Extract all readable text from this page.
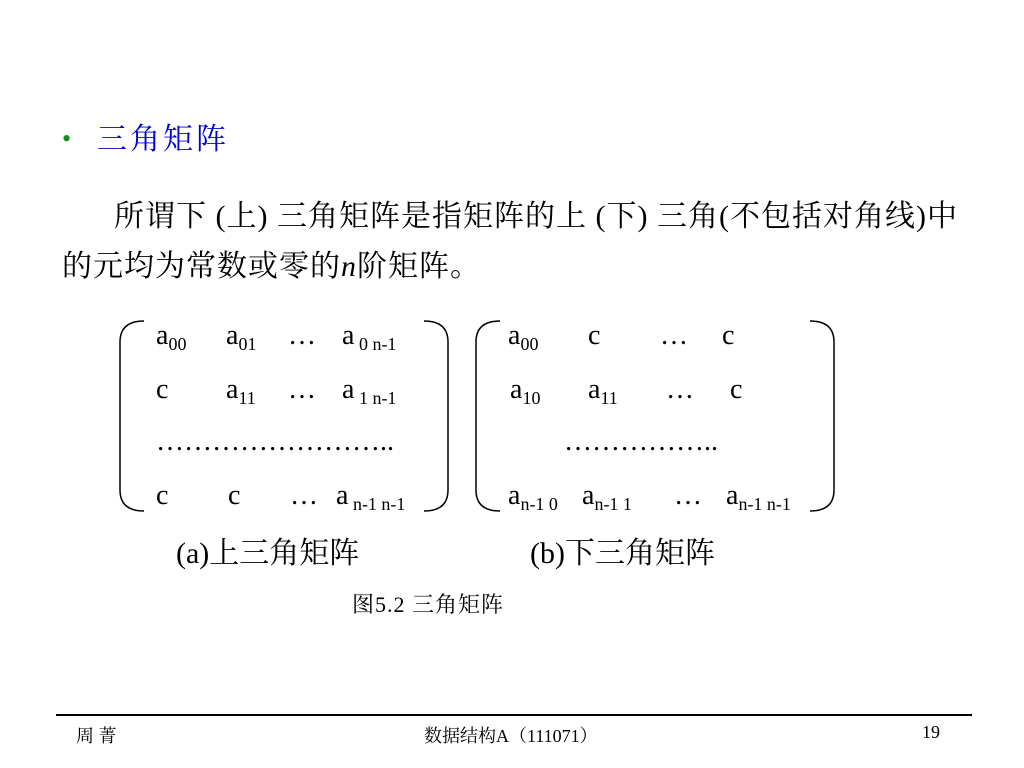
• 三角矩阵
所谓下 (上) 三角矩阵是指矩阵的上 (下) 三角(不包括对角线)中的元均为常数或零的n阶矩阵。
$a_{00}$ $a_{01}$ … a $_{0 n-1}$
c $a_{11}$ … a $_{1 n-1}$
……………………..
c c … a $_{n-1 n-1}$
$a_{00}$ c … c
$a_{10}$ $a_{11}$ … c
……………..
$a_{n-1 0}$ $a_{n-1 1}$ … $a_{n-1 n-1}$
(a)上三角矩阵	(b)下三角矩阵
图5.2 三角矩阵
周 菁	数据结构A（111071）	19
